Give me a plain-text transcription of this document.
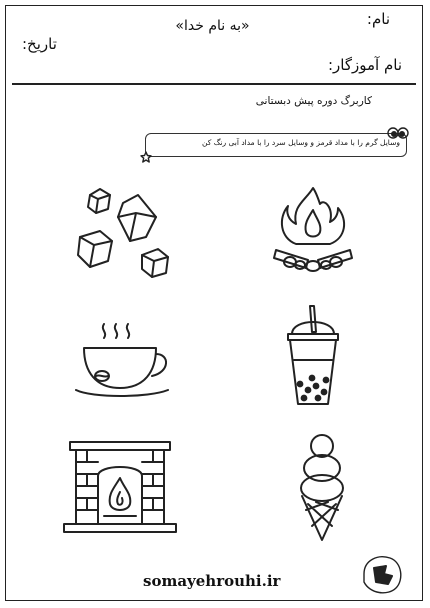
«به نام خدا»	نام:
نام آموزگار:
تاریخ:
کاربرگ دوره پیش دبستانی
وسایل گرم را با مداد قرمز و وسایل سرد را با مداد آبی رنگ کن
somayehrouhi.ir
